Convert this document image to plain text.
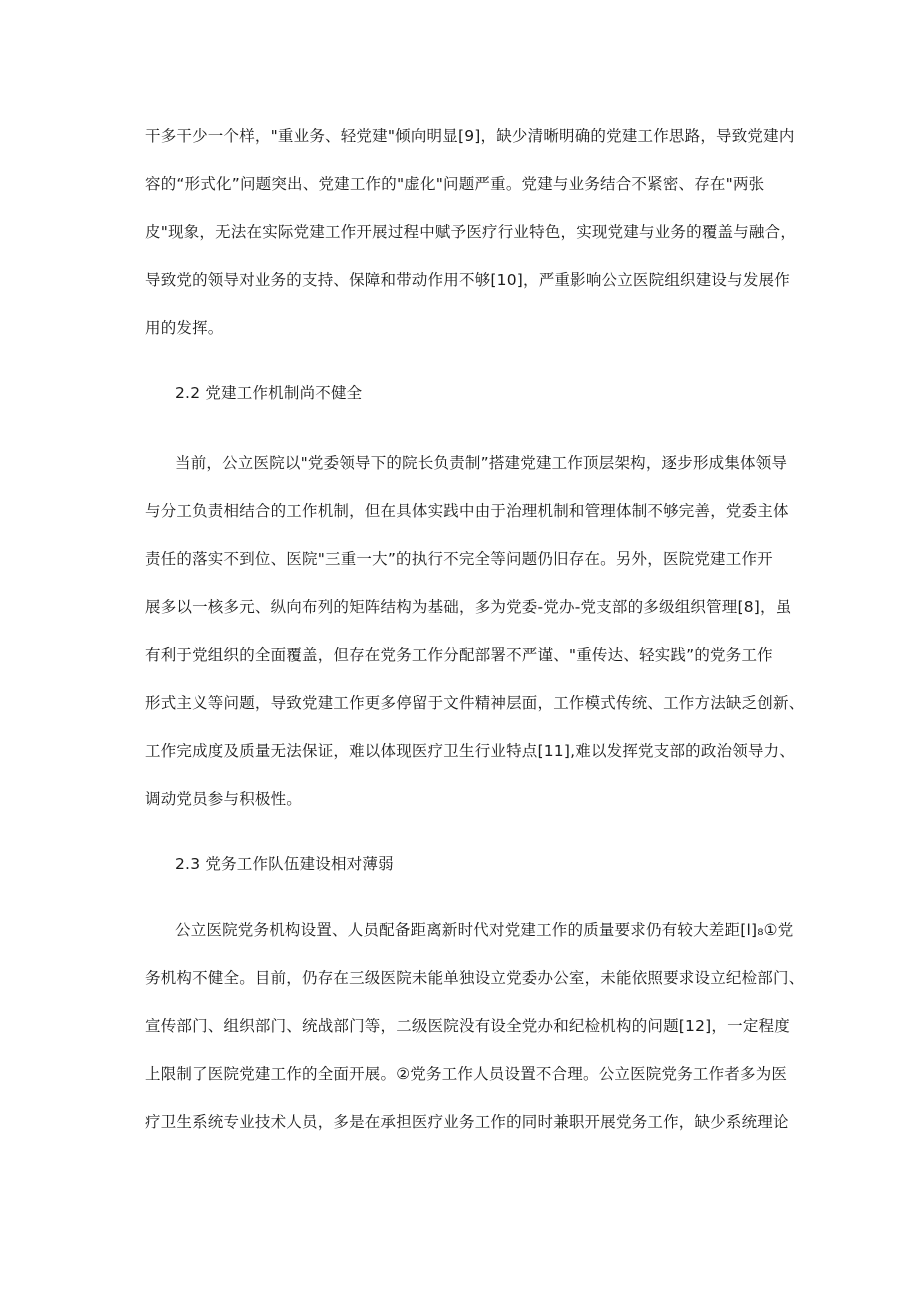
干多干少一个样，"重业务、轻党建"倾向明显[9]，缺少清晰明确的党建工作思路，导致党建内
容的“形式化”问题突出、党建工作的"虚化"问题严重。党建与业务结合不紧密、存在"两张
皮"现象，无法在实际党建工作开展过程中赋予医疗行业特色，实现党建与业务的覆盖与融合，
导致党的领导对业务的支持、保障和带动作用不够[10]，严重影响公立医院组织建设与发展作
用的发挥。
2.2 党建工作机制尚不健全
当前，公立医院以"党委领导下的院长负责制”搭建党建工作顶层架构，逐步形成集体领导
与分工负责相结合的工作机制，但在具体实践中由于治理机制和管理体制不够完善，党委主体
责任的落实不到位、医院"三重一大”的执行不完全等问题仍旧存在。另外，医院党建工作开
展多以一核多元、纵向布列的矩阵结构为基础，多为党委-党办-党支部的多级组织管理[8]，虽
有利于党组织的全面覆盖，但存在党务工作分配部署不严谨、"重传达、轻实践”的党务工作
形式主义等问题，导致党建工作更多停留于文件精神层面，工作模式传统、工作方法缺乏创新、
工作完成度及质量无法保证，难以体现医疗卫生行业特点[11],难以发挥党支部的政治领导力、
调动党员参与积极性。
2.3 党务工作队伍建设相对薄弱
公立医院党务机构设置、人员配备距离新时代对党建工作的质量要求仍有较大差距[l]₈①党
务机构不健全。目前，仍存在三级医院未能单独设立党委办公室，未能依照要求设立纪检部门、
宣传部门、组织部门、统战部门等，二级医院没有设全党办和纪检机构的问题[12]，一定程度
上限制了医院党建工作的全面开展。②党务工作人员设置不合理。公立医院党务工作者多为医
疗卫生系统专业技术人员，多是在承担医疗业务工作的同时兼职开展党务工作，缺少系统理论
